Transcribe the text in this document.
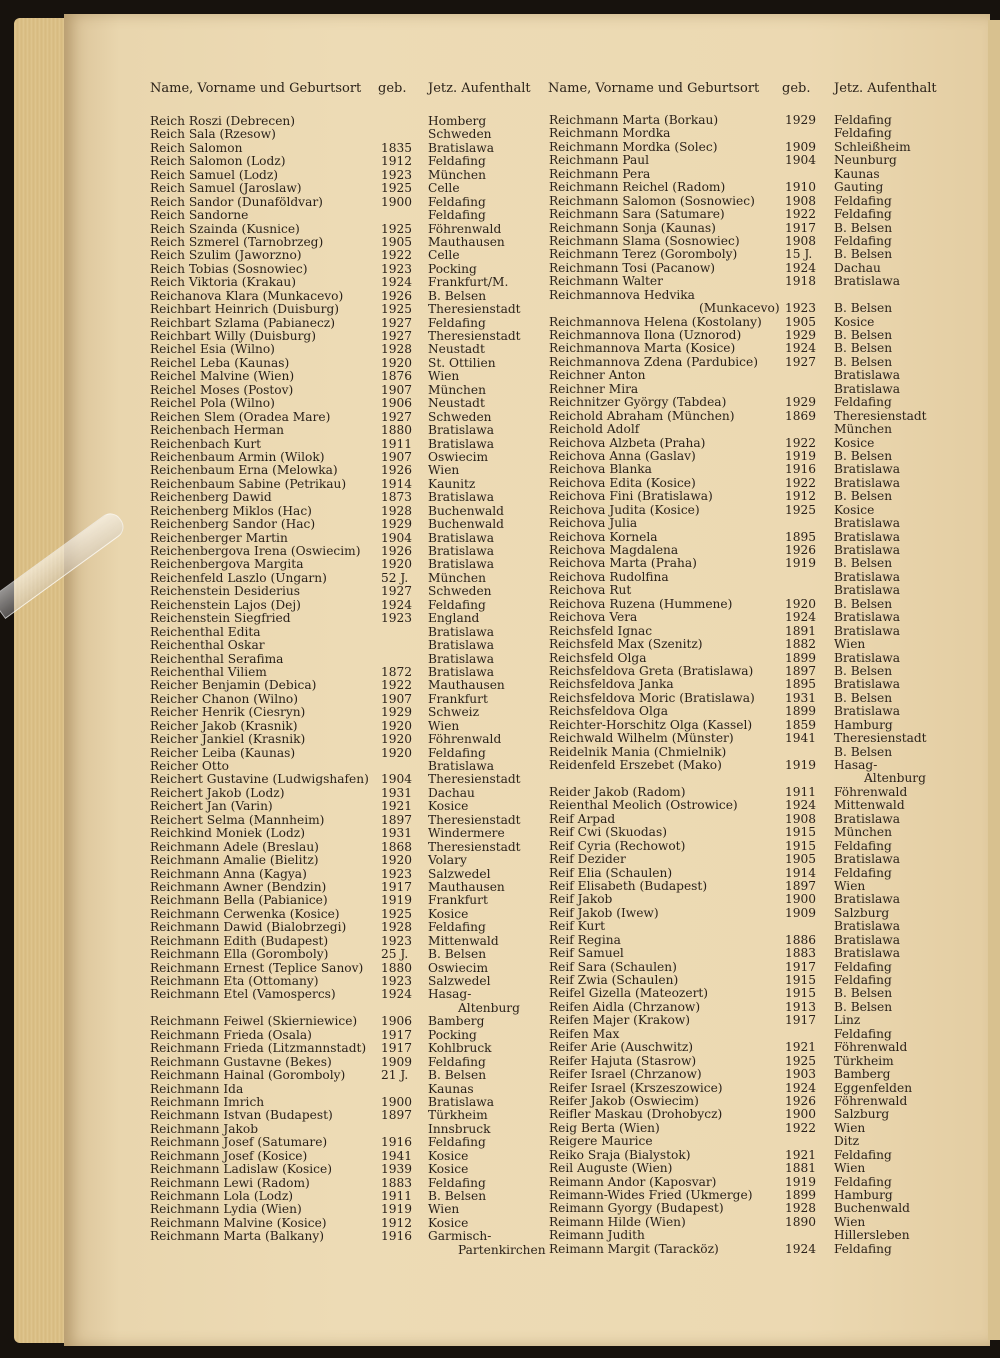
Name, Vorname und Geburtsort geb. Jetz. Aufenthalt Name, Vorname und Geburtsort geb. Jetz. Aufenthalt
Reich Roszi (Debrecen)	Homberg
Reich Sala (Rzesow)	Schweden
Reich Salomon	1835 Bratislawa
Reich Salomon (Lodz)	1912 Feldafing
Reich Samuel (Lodz)	1923 München
Reich Samuel (Jaroslaw)	1925 Celle
Reich Sandor (Dunaföldvar)	1900 Feldafing
Reich Sandorne	Feldafing
Reich Szainda (Kusnice)	1925 Föhrenwald
Reich Szmerel (Tarnobrzeg)	1905 Mauthausen
Reich Szulim (Jaworzno)	1922 Celle
Reich Tobias (Sosnowiec)	1923 Pocking
Reich Viktoria (Krakau)	1924 Frankfurt/M.
Reichanova Klara (Munkacevo)	1926 B. Belsen
Reichbart Heinrich (Duisburg)	1925 Theresienstadt
Reichbart Szlama (Pabianecz)	1927 Feldafing
Reichbart Willy (Duisburg)	1927 Theresienstadt
Reichel Esia (Wilno)	1928 Neustadt
Reichel Leba (Kaunas)	1920 St. Ottilien
Reichel Malvine (Wien)	1876 Wien
Reichel Moses (Postov)	1907 München
Reichel Pola (Wilno)	1906 Neustadt
Reichen Slem (Oradea Mare)	1927 Schweden
Reichenbach Herman	1880 Bratislawa
Reichenbach Kurt	1911 Bratislawa
Reichenbaum Armin (Wilok)	1907 Oswiecim
Reichenbaum Erna (Melowka)	1926 Wien
Reichenbaum Sabine (Petrikau)	1914 Kaunitz
Reichenberg Dawid	1873 Bratislawa
Reichenberg Miklos (Hac)	1928 Buchenwald
Reichenberg Sandor (Hac)	1929 Buchenwald
Reichenberger Martin	1904 Bratislawa
Reichenbergova Irena (Oswiecim) 1926 Bratislawa
Reichenbergova Margita	1920 Bratislawa
Reichenfeld Laszlo (Ungarn)	52 J. München
Reichenstein Desiderius	1927 Schweden
Reichenstein Lajos (Dej)	1924 Feldafing
Reichenstein Siegfried	1923 England
Reichenthal Edita	Bratislawa
Reichenthal Oskar	Bratislawa
Reichenthal Serafima	Bratislawa
Reichenthal Viliem	1872 Bratislawa
Reicher Benjamin (Debica)	1922 Mauthausen
Reicher Chanon (Wilno)	1907 Frankfurt
Reicher Henrik (Ciesryn)	1929 Schweiz
Reicher Jakob (Krasnik)	1920 Wien
Reicher Jankiel (Krasnik)	1920 Föhrenwald
Reicher Leiba (Kaunas)	1920 Feldafing
Reicher Otto	Bratislawa
Reichert Gustavine (Ludwigshafen) 1904 Theresienstadt
Reichert Jakob (Lodz)	1931 Dachau
Reichert Jan (Varin)	1921 Kosice
Reichert Selma (Mannheim)	1897 Theresienstadt
Reichkind Moniek (Lodz)	1931 Windermere
Reichmann Adele (Breslau)	1868 Theresienstadt
Reichmann Amalie (Bielitz)	1920 Volary
Reichmann Anna (Kagya)	1923 Salzwedel
Reichmann Awner (Bendzin)	1917 Mauthausen
Reichmann Bella (Pabianice)	1919 Frankfurt
Reichmann Cerwenka (Kosice)	1925 Kosice
Reichmann Dawid (Bialobrzegi)	1928 Feldafing
Reichmann Edith (Budapest)	1923 Mittenwald
Reichmann Ella (Goromboly)	25 J. B. Belsen
Reichmann Ernest (Teplice Sanov) 1880 Oswiecim
Reichmann Eta (Ottomany)	1923 Salzwedel
Reichmann Etel (Vamospercs)	1924 Hasag-
Altenburg
Reichmann Feiwel (Skierniewice) 1906 Bamberg
Reichmann Frieda (Osala)	1917 Pocking
Reichmann Frieda (Litzmannstadt) 1917 Kohlbruck
Reichmann Gustavne (Bekes)	1909 Feldafing
Reichmann Hainal (Goromboly)	21 J. B. Belsen
Reichmann Ida	Kaunas
Reichmann Imrich	1900 Bratislawa
Reichmann Istvan (Budapest)	1897 Türkheim
Reichmann Jakob	Innsbruck
Reichmann Josef (Satumare)	1916 Feldafing
Reichmann Josef (Kosice)	1941 Kosice
Reichmann Ladislaw (Kosice)	1939 Kosice
Reichmann Lewi (Radom)	1883 Feldafing
Reichmann Lola (Lodz)	1911 B. Belsen
Reichmann Lydia (Wien)	1919 Wien
Reichmann Malvine (Kosice)	1912 Kosice
Reichmann Marta (Balkany)	1916 Garmisch-
Partenkirchen
Reichmann Marta (Borkau)	1929 Feldafing
Reichmann Mordka	Feldafing
Reichmann Mordka (Solec)	1909 Schleißheim
Reichmann Paul	1904 Neunburg
Reichmann Pera	Kaunas
Reichmann Reichel (Radom)	1910 Gauting
Reichmann Salomon (Sosnowiec) 1908 Feldafing
Reichmann Sara (Satumare)	1922 Feldafing
Reichmann Sonja (Kaunas)	1917 B. Belsen
Reichmann Slama (Sosnowiec)	1908 Feldafing
Reichmann Terez (Goromboly)	15 J. B. Belsen
Reichmann Tosi (Pacanow)	1924 Dachau
Reichmann Walter	1918 Bratislawa
Reichmannova Hedvika
(Munkacevo) 1923 B. Belsen
Reichmannova Helena (Kostolany) 1905 Kosice
Reichmannova Ilona (Uznorod)	1929 B. Belsen
Reichmannova Marta (Kosice)	1924 B. Belsen
Reichmannova Zdena (Pardubice) 1927 B. Belsen
Reichner Anton	Bratislawa
Reichner Mira	Bratislawa
Reichnitzer György (Tabdea)	1929 Feldafing
Reichold Abraham (München)	1869 Theresienstadt
Reichold Adolf	München
Reichova Alzbeta (Praha)	1922 Kosice
Reichova Anna (Gaslav)	1919 B. Belsen
Reichova Blanka	1916 Bratislawa
Reichova Edita (Kosice)	1922 Bratislawa
Reichova Fini (Bratislawa)	1912 B. Belsen
Reichova Judita (Kosice)	1925 Kosice
Reichova Julia	Bratislawa
Reichova Kornela	1895 Bratislawa
Reichova Magdalena	1926 Bratislawa
Reichova Marta (Praha)	1919 B. Belsen
Reichova Rudolfina	Bratislawa
Reichova Rut	Bratislawa
Reichova Ruzena (Hummene)	1920 B. Belsen
Reichova Vera	1924 Bratislawa
Reichsfeld Ignac	1891 Bratislawa
Reichsfeld Max (Szenitz)	1882 Wien
Reichsfeld Olga	1899 Bratislawa
Reichsfeldova Greta (Bratislawa)	1897 B. Belsen
Reichsfeldova Janka	1895 Bratislawa
Reichsfeldova Moric (Bratislawa) 1931 B. Belsen
Reichsfeldova Olga	1899 Bratislawa
Reichter-Horschitz Olga (Kassel)	1859 Hamburg
Reichwald Wilhelm (Münster)	1941 Theresienstadt
Reidelnik Mania (Chmielnik)	B. Belsen
Reidenfeld Erszebet (Mako)	1919 Hasag-
Altenburg
Reider Jakob (Radom)	1911 Föhrenwald
Reienthal Meolich (Ostrowice)	1924 Mittenwald
Reif Arpad	1908 Bratislawa
Reif Cwi (Skuodas)	1915 München
Reif Cyria (Rechowot)	1915 Feldafing
Reif Dezider	1905 Bratislawa
Reif Elia (Schaulen)	1914 Feldafing
Reif Elisabeth (Budapest)	1897 Wien
Reif Jakob	1900 Bratislawa
Reif Jakob (Iwew)	1909 Salzburg
Reif Kurt	Bratislawa
Reif Regina	1886 Bratislawa
Reif Samuel	1883 Bratislawa
Reif Sara (Schaulen)	1917 Feldafing
Reif Zwia (Schaulen)	1915 Feldafing
Reifel Gizella (Mateozert)	1915 B. Belsen
Reifen Aidla (Chrzanow)	1913 B. Belsen
Reifen Majer (Krakow)	1917 Linz
Reifen Max	Feldafing
Reifer Arie (Auschwitz)	1921 Föhrenwald
Reifer Hajuta (Stasrow)	1925 Türkheim
Reifer Israel (Chrzanow)	1903 Bamberg
Reifer Israel (Krszeszowice)	1924 Eggenfelden
Reifer Jakob (Oswiecim)	1926 Föhrenwald
Reifler Maskau (Drohobycz)	1900 Salzburg
Reig Berta (Wien)	1922 Wien
Reigere Maurice	Ditz
Reiko Sraja (Bialystok)	1921 Feldafing
Reil Auguste (Wien)	1881 Wien
Reimann Andor (Kaposvar)	1919 Feldafing
Reimann-Wides Fried (Ukmerge)	1899 Hamburg
Reimann Gyorgy (Budapest)	1928 Buchenwald
Reimann Hilde (Wien)	1890 Wien
Reimann Judith	Hillersleben
Reimann Margit (Taracköz)	1924 Feldafing
